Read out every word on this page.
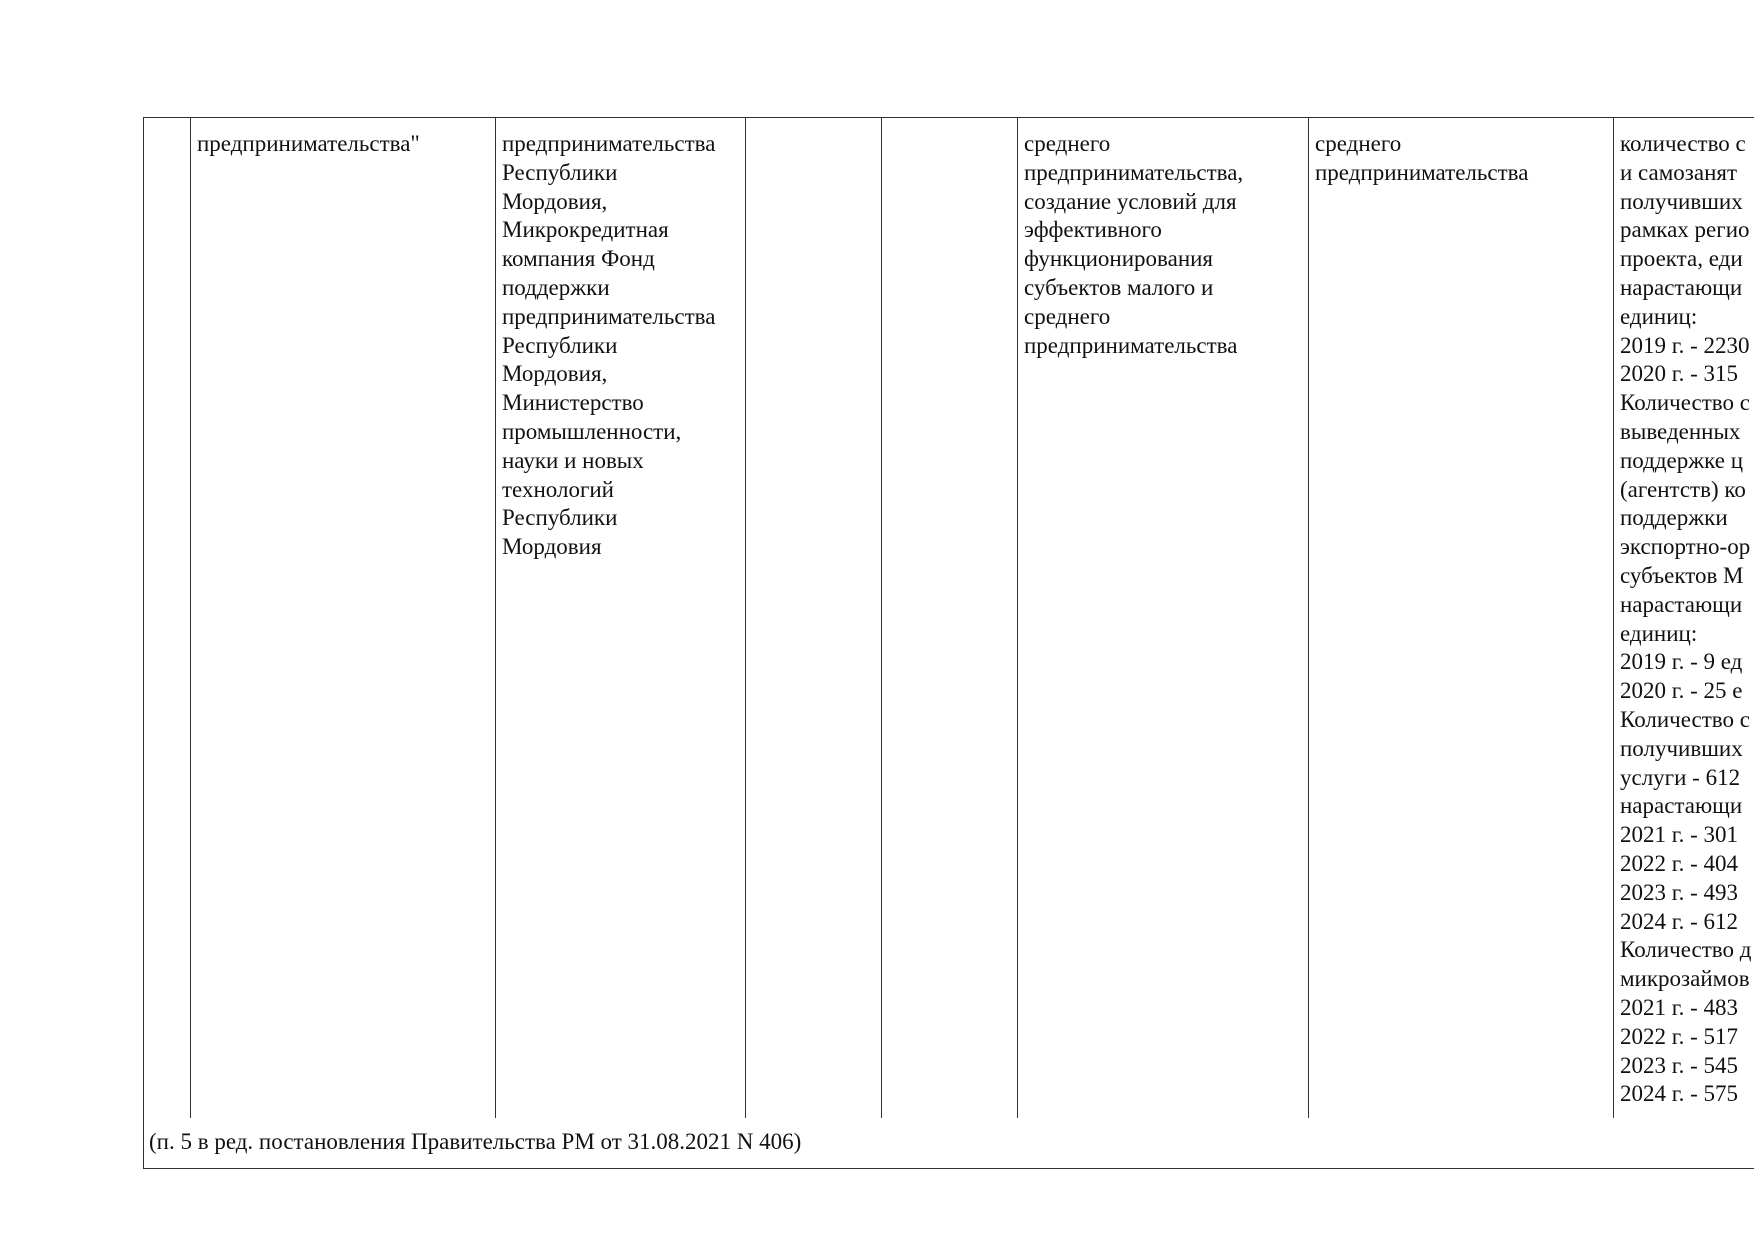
предпринимательства"	предпринимательства
Республики
Мордовия,
Микрокредитная
компания Фонд
поддержки
предпринимательства
Республики
Мордовия,
Министерство
промышленности,
науки и новых
технологий
Республики
Мордовия
среднего
предпринимательства,
создание условий для
эффективного
функционирования
субъектов малого и
среднего
предпринимательства
среднего
предпринимательства
количество с
и самозанят
получивших
рамках регио
проекта, еди
нарастающи
единиц:
2019 г. - 2230
2020 г. - 315
Количество с
выведенных
поддержке ц
(агентств) ко
поддержки
экспортно-ор
субъектов М
нарастающи
единиц:
2019 г. - 9 ед
2020 г. - 25 е
Количество с
получивших
услуги - 612
нарастающи
2021 г. - 301
2022 г. - 404
2023 г. - 493
2024 г. - 612
Количество д
микрозаймов
2021 г. - 483
2022 г. - 517
2023 г. - 545
2024 г. - 575
(п. 5 в ред. постановления Правительства РМ от 31.08.2021 N 406)
